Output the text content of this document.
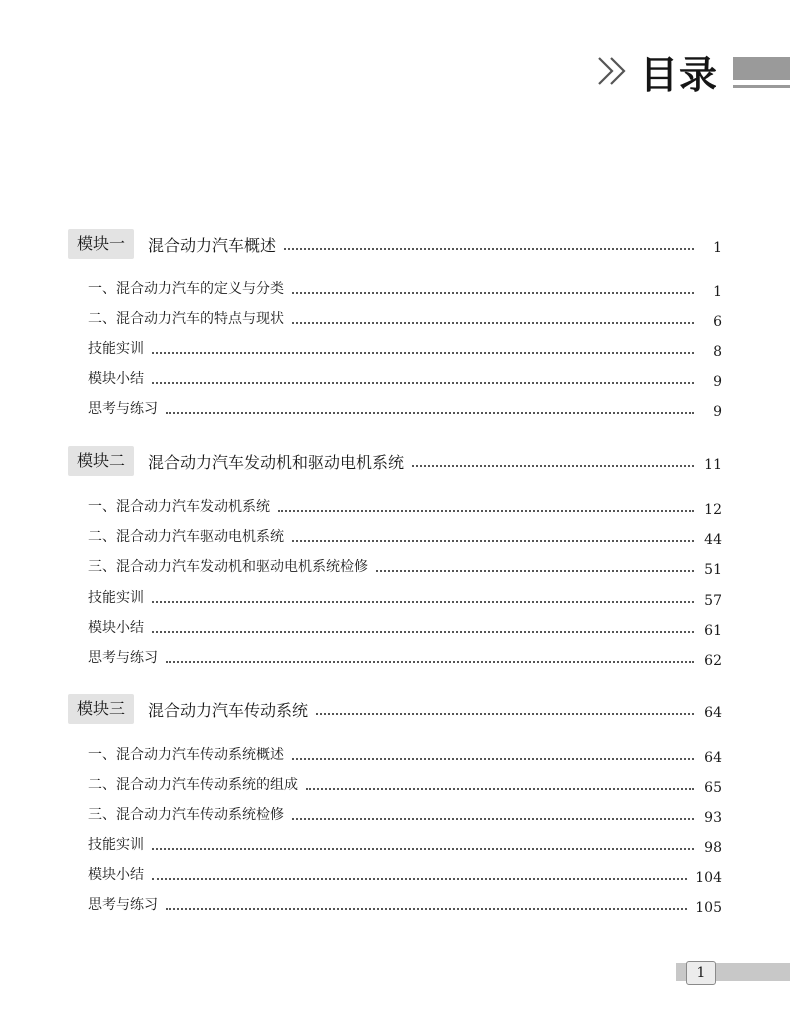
目录
模块一	混合动力汽车概述	1
一、混合动力汽车的定义与分类	1
二、混合动力汽车的特点与现状	6
技能实训	8
模块小结	9
思考与练习	9
模块二	混合动力汽车发动机和驱动电机系统	11
一、混合动力汽车发动机系统	12
二、混合动力汽车驱动电机系统	44
三、混合动力汽车发动机和驱动电机系统检修	51
技能实训	57
模块小结	61
思考与练习	62
模块三	混合动力汽车传动系统	64
一、混合动力汽车传动系统概述	64
二、混合动力汽车传动系统的组成	65
三、混合动力汽车传动系统检修	93
技能实训	98
模块小结	104
思考与练习	105
1
